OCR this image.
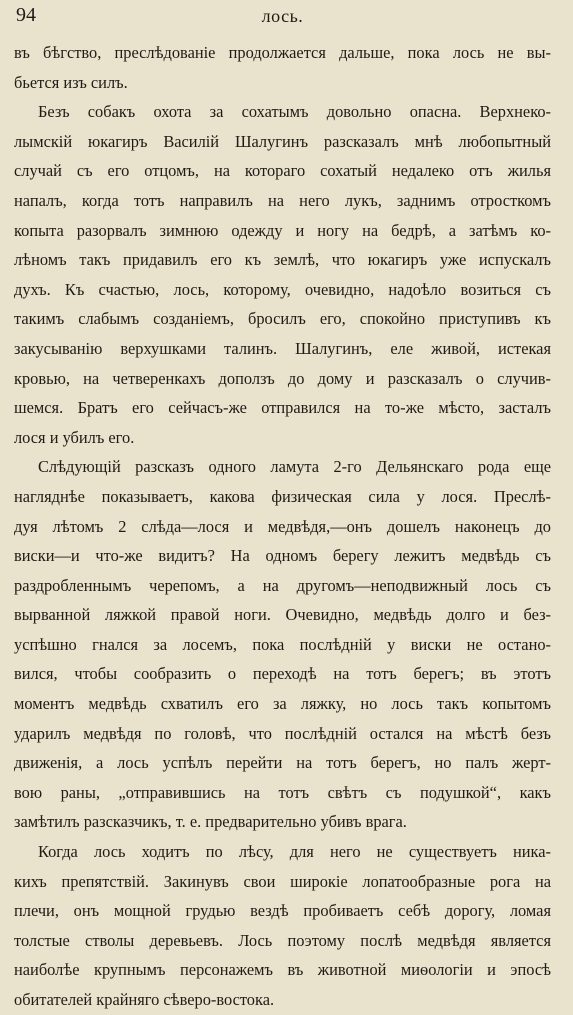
94	лось.

въ бѣгство, преслѣдованіе продолжается дальше, пока лось не вы-
бьется изъ силъ.

Безъ собакъ охота за сохатымъ довольно опасна. Верхнеко-
лымскій юкагиръ Василій Шалугинъ разсказалъ мнѣ любопытный
случай съ его отцомъ, на котораго сохатый недалеко отъ жилья
напалъ, когда тотъ направилъ на него лукъ, заднимъ отросткомъ
копыта разорвалъ зимнюю одежду и ногу на бедрѣ, а затѣмъ ко-
лѣномъ такъ придавилъ его къ землѣ, что юкагиръ уже испускалъ
духъ. Къ счастью, лось, которому, очевидно, надоѣло возиться съ
такимъ слабымъ созданіемъ, бросилъ его, спокойно приступивъ къ
закусыванію верхушками талинъ. Шалугинъ, еле живой, истекая
кровью, на четверенкахъ доползъ до дому и разсказалъ о случив-
шемся. Братъ его сейчасъ-же отправился на то-же мѣсто, засталъ
лося и убилъ его.

Слѣдующій разсказъ одного ламута 2-го Дельянскаго рода еще
нагляднѣе показываетъ, какова физическая сила у лося. Прeслѣ-
дуя лѣтомъ 2 слѣда—лося и медвѣдя,—онъ дошелъ наконецъ до
виски—и что-же видитъ? На одномъ берегу лежитъ медвѣдь съ
раздробленнымъ черепомъ, а на другомъ—неподвижный лось съ
вырванной ляжкой правой ноги. Очевидно, медвѣдь долго и без-
успѣшно гнался за лосемъ, пока послѣдній у виски не остано-
вился, чтобы сообразить о переходѣ на тотъ берегъ; въ этотъ
моментъ медвѣдь схватилъ его за ляжку, но лось такъ копытомъ
ударилъ медвѣдя по головѣ, что послѣдній остался на мѣстѣ безъ
движенія, а лось успѣлъ перейти на тотъ берегъ, но палъ жерт-
вою раны, „отправившись на тотъ свѣтъ съ подушкой“, какъ
замѣтилъ разсказчикъ, т. е. предварительно убивъ врага.

Когда лось ходитъ по лѣсу, для него не существуетъ ника-
кихъ препятствій. Закинувъ свои широкіе лопатообразные рога на
плечи, онъ мощной грудью вездѣ пробиваетъ себѣ дорогу, ломая
толстые стволы деревьевъ. Лось поэтому послѣ медвѣдя является
наиболѣе крупнымъ персонажемъ въ животной миѳологіи и эпосѣ
обитателей крайняго сѣверо-востока.
